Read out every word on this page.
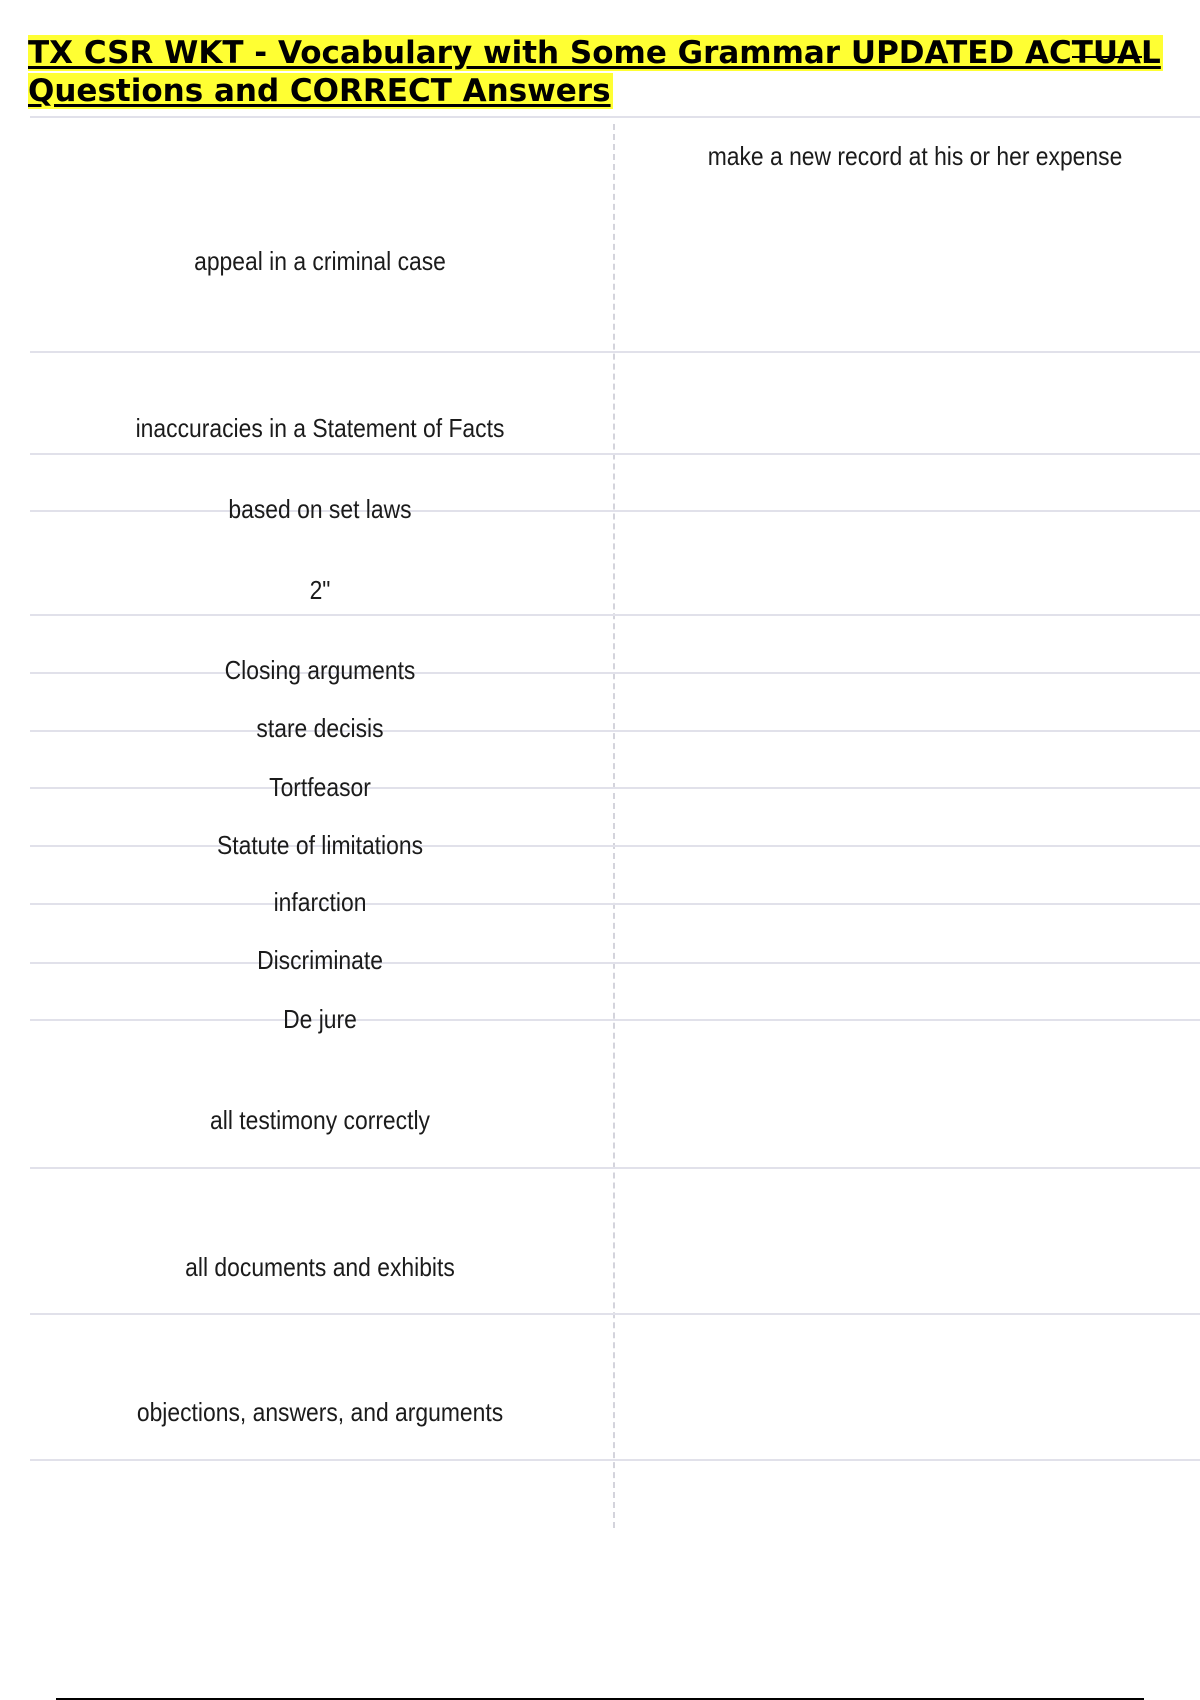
TX CSR WKT - Vocabulary with Some Grammar UPDATED ACTUAL
Questions and CORRECT Answers
make a new record at his or her expense
appeal in a criminal case
inaccuracies in a Statement of Facts
based on set laws
2"
Closing arguments
stare decisis
Tortfeasor
Statute of limitations
infarction
Discriminate
De jure
all testimony correctly
all documents and exhibits
objections, answers, and arguments
